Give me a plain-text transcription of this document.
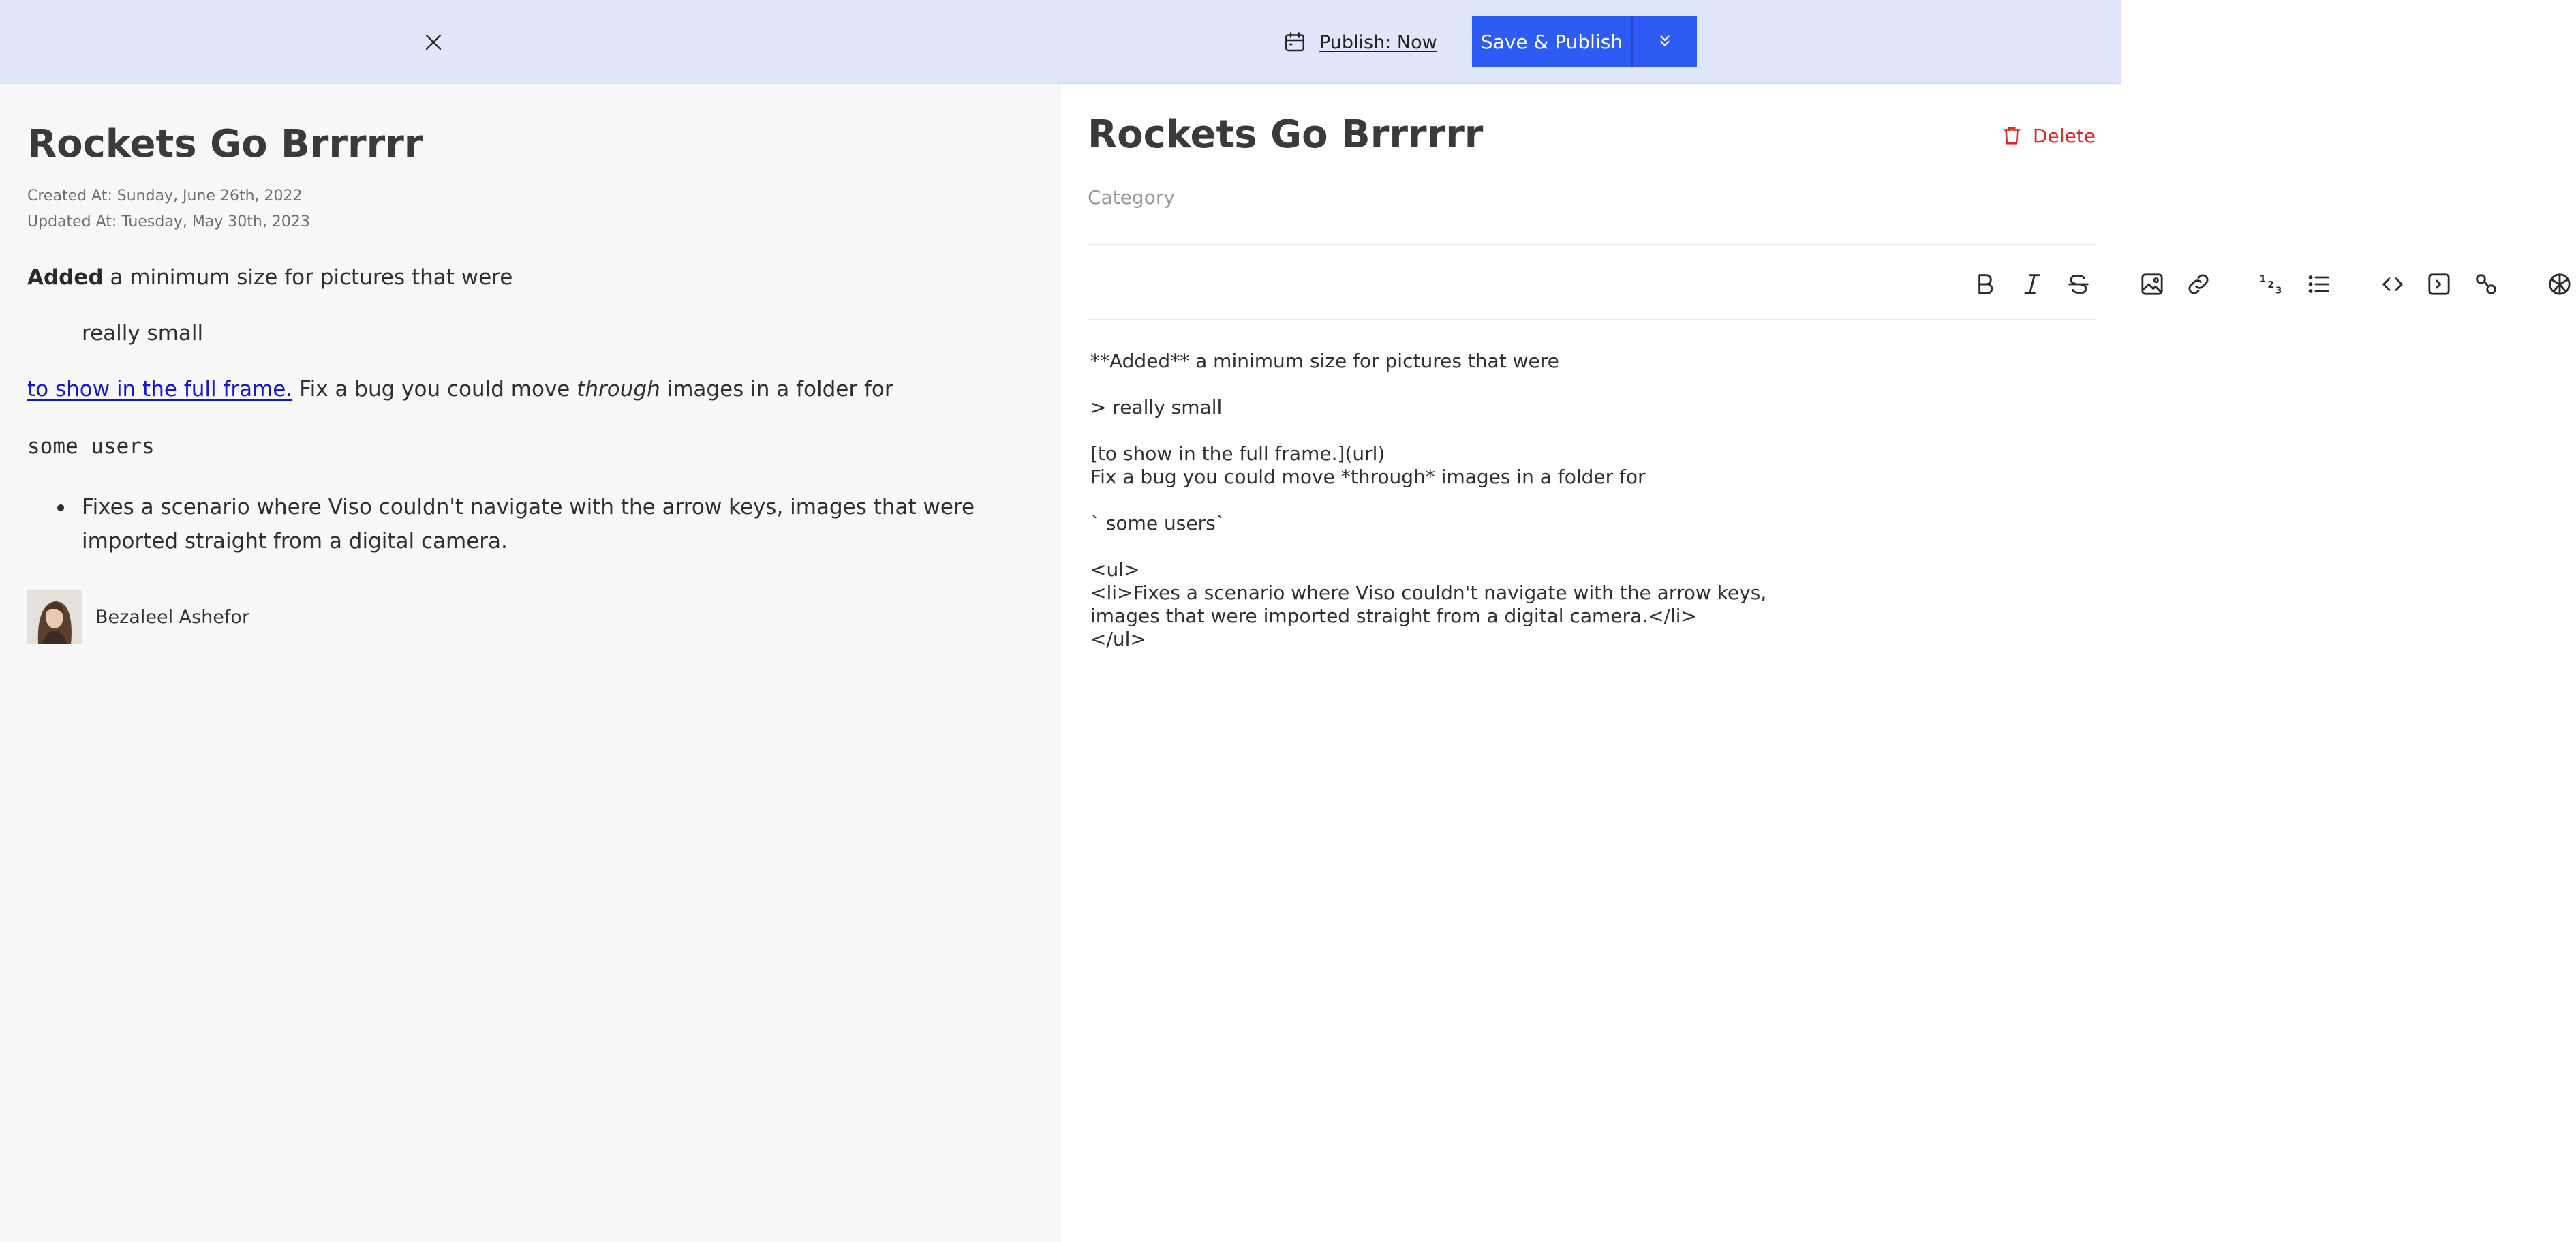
Publish: Now	Save & Publish
Rockets Go Brrrrrr
Created At: Sunday, June 26th, 2022
Updated At: Tuesday, May 30th, 2023
Added a minimum size for pictures that were
really small
to show in the full frame. Fix a bug you could move through images in a folder for
some users
Fixes a scenario where Viso couldn't navigate with the arrow keys, images that were imported straight from a digital camera.
Bezaleel Ashefor
Rockets Go Brrrrrr	Delete
Category
1
2
3
**Added** a minimum size for pictures that were

> really small

[to show in the full frame.](url)
Fix a bug you could move *through* images in a folder for

` some users`

<ul>
<li>Fixes a scenario where Viso couldn't navigate with the arrow keys,
images that were imported straight from a digital camera.</li>
</ul>
